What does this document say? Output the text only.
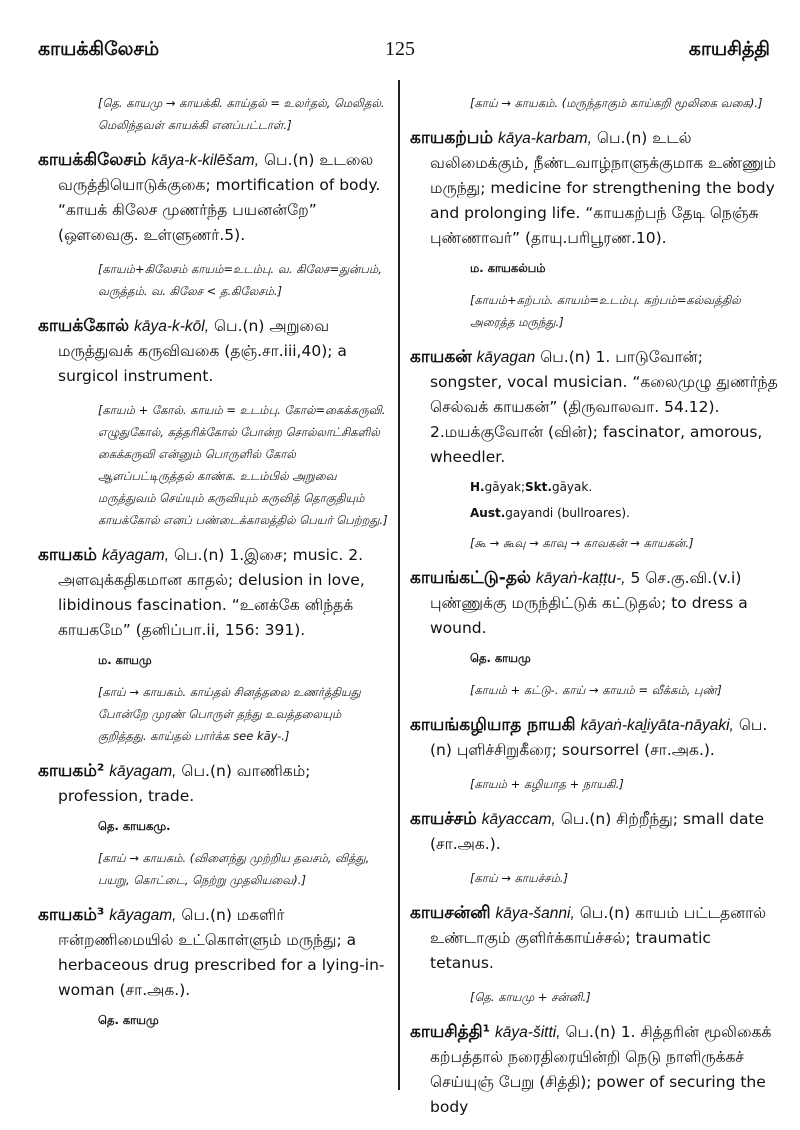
காயக்கிலேசம்	125	காயசித்தி
[தெ. காயமு → காயக்கி. காய்தல் = உலர்தல், மெலிதல். மெலிந்தவள் காயக்கி எனப்பட்டாள்.]
காயக்கிலேசம் kāya-k-kilēšam, பெ.(n) உடலை வருத்தியொடுக்குகை; mortification of body. “காயக் கிலேச முணர்ந்த பயனன்றே” (ஔவைகு. உள்ளுணர்.5).
[காயம்+கிலேசம் காயம்=உடம்பு. வ. கிலேச=துன்பம், வருத்தம். வ. கிலேச < த.கிலேசம்.]
காயக்கோல் kāya-k-kōl, பெ.(n) அறுவை மருத்துவக் கருவிவகை (தஞ்.சா.iii,40); a surgicol instrument.
[காயம் + கோல். காயம் = உடம்பு. கோல்=கைக்கருவி. எழுதுகோல், கத்தரிக்கோல் போன்ற சொல்லாட்சிகளில் கைக்கருவி என்னும் பொருளில் கோல் ஆளப்பட்டிருத்தல் காண்க. உடம்பில் அறுவை மருத்துவம் செய்யும் கருவியும் கருவித் தொகுதியும் காயக்கோல் எனப் பண்டைக்காலத்தில் பெயர் பெற்றது.]
காயகம் kāyagam, பெ.(n) 1.இசை; music. 2. அளவுக்கதிகமான காதல்; delusion in love, libidinous fascination. “உனக்கே னிந்தக் காயகமே” (தனிப்பா.ii, 156: 391).
ம. காயமு
[காய் → காயகம். காய்தல் சினத்தலை உணர்த்தியது போன்றே முரண் பொருள் தந்து உவத்தலையும் குறித்தது. காய்தல் பார்க்க see kāy-.]
காயகம்² kāyagam, பெ.(n) வாணிகம்; profession, trade.
தெ. காயகமு.
[காய் → காயகம். (விளைந்து முற்றிய தவசம், வித்து, பயறு, கொட்டை, நெற்று முதலியவை).]
காயகம்³ kāyagam, பெ.(n) மகளிர் ஈன்றணிமையில் உட்கொள்ளும் மருந்து; a herbaceous drug prescribed for a lying-in-woman (சா.அக.).
தெ. காயமு
[காய் → காயகம். (மருந்தாகும் காய்கறி மூலிகை வகை).]
காயகற்பம் kāya-karbam, பெ.(n) உடல் வலிமைக்கும், நீண்டவாழ்நாளுக்குமாக உண்ணும் மருந்து; medicine for strengthening the body and prolonging life. “காயகற்பந் தேடி நெஞ்சு புண்ணாவர்” (தாயு.பரிபூரண.10).
ம. காயகல்பம்
[காயம்+கற்பம். காயம்=உடம்பு. கற்பம்=கல்வத்தில் அரைத்த மருந்து.]
காயகன் kāyagan பெ.(n) 1. பாடுவோன்; songster, vocal musician. “கலைமுழு துணர்ந்த செல்வக் காயகன்” (திருவாலவா. 54.12). 2.மயக்குவோன் (வின்); fascinator, amorous, wheedler.
H.gāyak;Skt.gāyak.
Aust.gayandi (bullroares).
[கூ → கூவு → காவு → காவகன் → காயகன்.]
காயங்கட்டு-தல் kāyaṅ-kaṭṭu-, 5 செ.கு.வி.(v.i) புண்ணுக்கு மருந்திட்டுக் கட்டுதல்; to dress a wound.
தெ. காயமு
[காயம் + கட்டு-. காய் → காயம் = வீக்கம், புண்]
காயங்கழியாத நாயகி kāyaṅ-kaḻiyāta-nāyaki, பெ.(n) புளிச்சிறுகீரை; soursorrel (சா.அக.).
[காயம் + கழியாத + நாயகி.]
காயச்சம் kāyaccam, பெ.(n) சிற்றீந்து; small date (சா.அக.).
[காய் → காயச்சம்.]
காயசன்னி kāya-šanni, பெ.(n) காயம் பட்டதனால் உண்டாகும் குளிர்க்காய்ச்சல்; traumatic tetanus.
[தெ. காயமு + சன்னி.]
காயசித்தி¹ kāya-šitti, பெ.(n) 1. சித்தரின் மூலிகைக் கற்பத்தால் நரைதிரையின்றி நெடு நாளிருக்கச் செய்யுஞ் பேறு (சித்தி); power of securing the body
